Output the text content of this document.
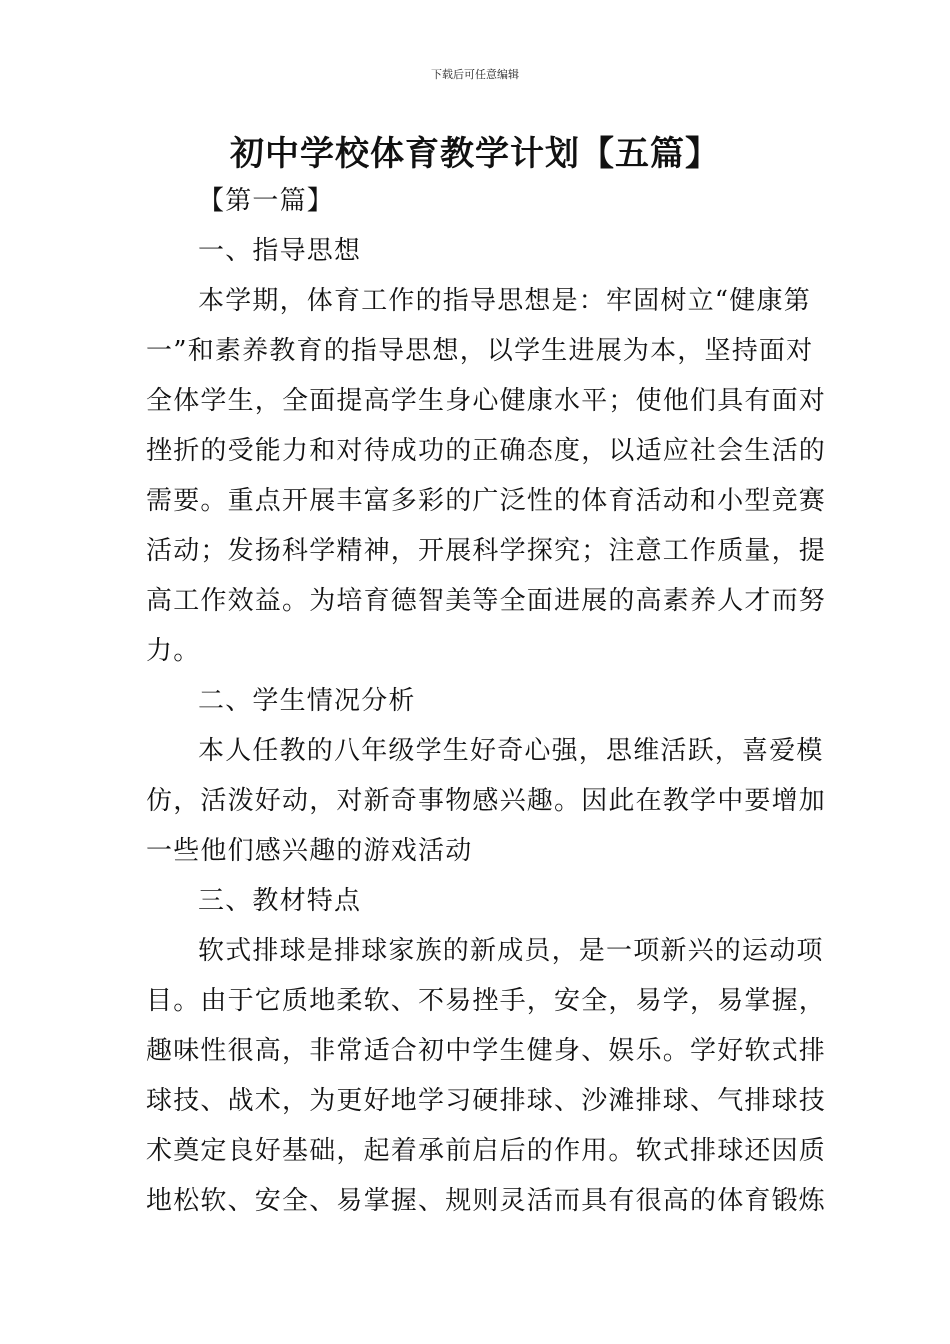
下载后可任意编辑
初中学校体育教学计划【五篇】
【第一篇】
一、指导思想
本学期，体育工作的指导思想是：牢固树立“健康第
一”和素养教育的指导思想，以学生进展为本，坚持面对
全体学生，全面提高学生身心健康水平；使他们具有面对
挫折的受能力和对待成功的正确态度，以适应社会生活的
需要。重点开展丰富多彩的广泛性的体育活动和小型竞赛
活动；发扬科学精神，开展科学探究；注意工作质量，提
高工作效益。为培育德智美等全面进展的高素养人才而努
力。
二、学生情况分析
本人任教的八年级学生好奇心强，思维活跃，喜爱模
仿，活泼好动，对新奇事物感兴趣。因此在教学中要增加
一些他们感兴趣的游戏活动
三、教材特点
软式排球是排球家族的新成员，是一项新兴的运动项
目。由于它质地柔软、不易挫手，安全，易学，易掌握，
趣味性很高，非常适合初中学生健身、娱乐。学好软式排
球技、战术，为更好地学习硬排球、沙滩排球、气排球技
术奠定良好基础，起着承前启后的作用。软式排球还因质
地松软、安全、易掌握、规则灵活而具有很高的体育锻炼
